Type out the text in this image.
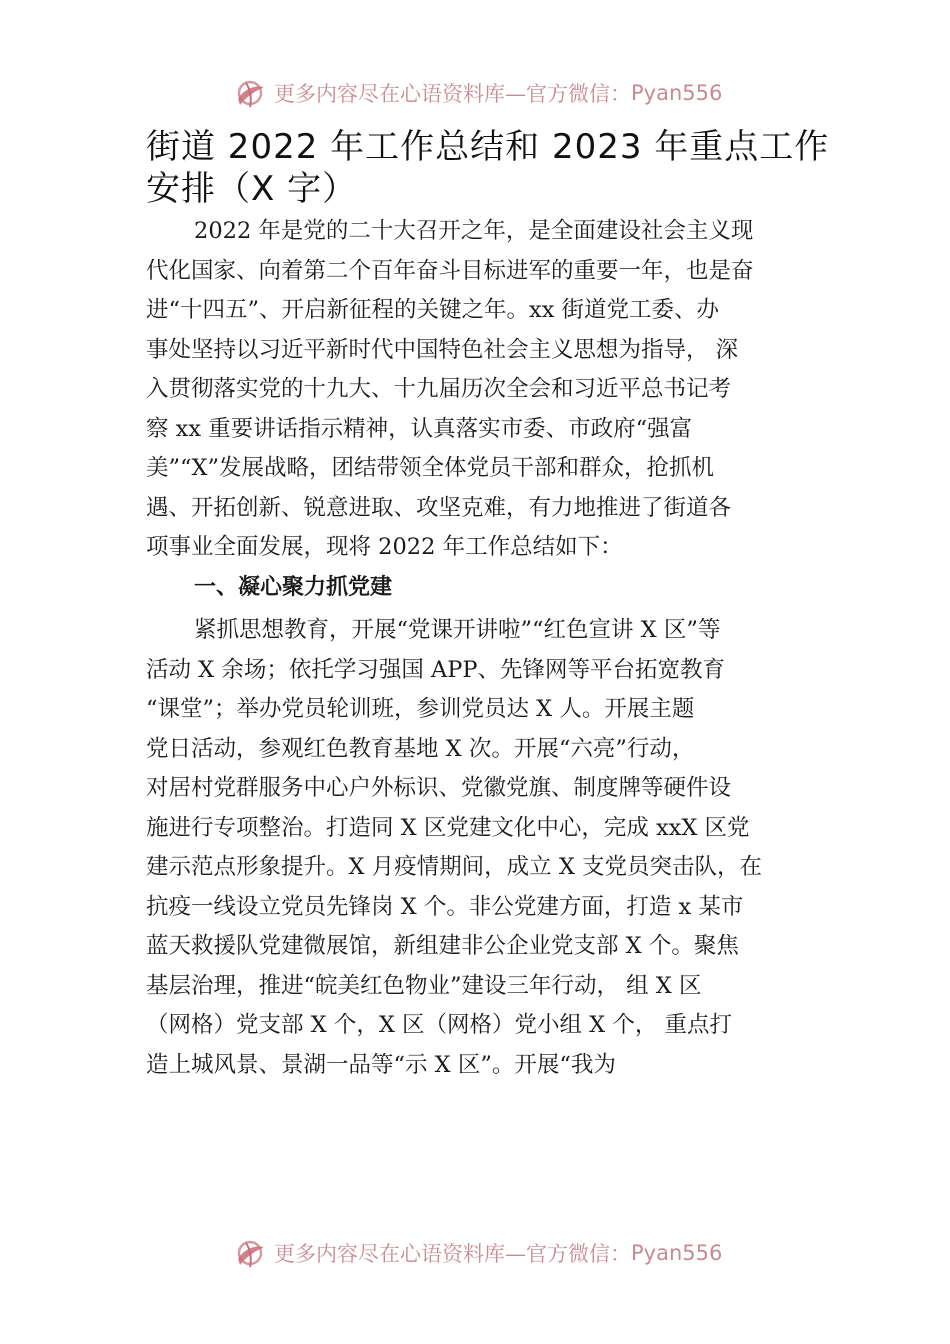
更多内容尽在心语资料库—官方微信： Pyan556
街道 2022 年工作总结和 2023 年重点工作
安排（X 字）
2022 年是党的二十大召开之年，是全面建设社会主义现
代化国家、向着第二个百年奋斗目标进军的重要一年，也是奋
进“十四五”、开启新征程的关键之年。xx 街道党工委、办
事处坚持以习近平新时代中国特色社会主义思想为指导， 深
入贯彻落实党的十九大、十九届历次全会和习近平总书记考
察 xx 重要讲话指示精神，认真落实市委、市政府“强富
美”“X”发展战略，团结带领全体党员干部和群众，抢抓机
遇、开拓创新、锐意进取、攻坚克难，有力地推进了街道各
项事业全面发展，现将 2022 年工作总结如下：
一、凝心聚力抓党建
紧抓思想教育，开展“党课开讲啦”“红色宣讲 X 区”等
活动 X 余场；依托学习强国 APP、先锋网等平台拓宽教育
“课堂”；举办党员轮训班，参训党员达 X 人。开展主题
党日活动，参观红色教育基地 X 次。开展“六亮”行动，
对居村党群服务中心户外标识、党徽党旗、制度牌等硬件设
施进行专项整治。打造同 X 区党建文化中心，完成 xxX 区党
建示范点形象提升。X 月疫情期间，成立 X 支党员突击队，在
抗疫一线设立党员先锋岗 X 个。非公党建方面，打造 x 某市
蓝天救援队党建微展馆，新组建非公企业党支部 X 个。聚焦
基层治理，推进“皖美红色物业”建设三年行动， 组 X 区
（网格）党支部 X 个，X 区（网格）党小组 X 个， 重点打
造上城风景、景湖一品等“示 X 区”。开展“我为
更多内容尽在心语资料库—官方微信： Pyan556
